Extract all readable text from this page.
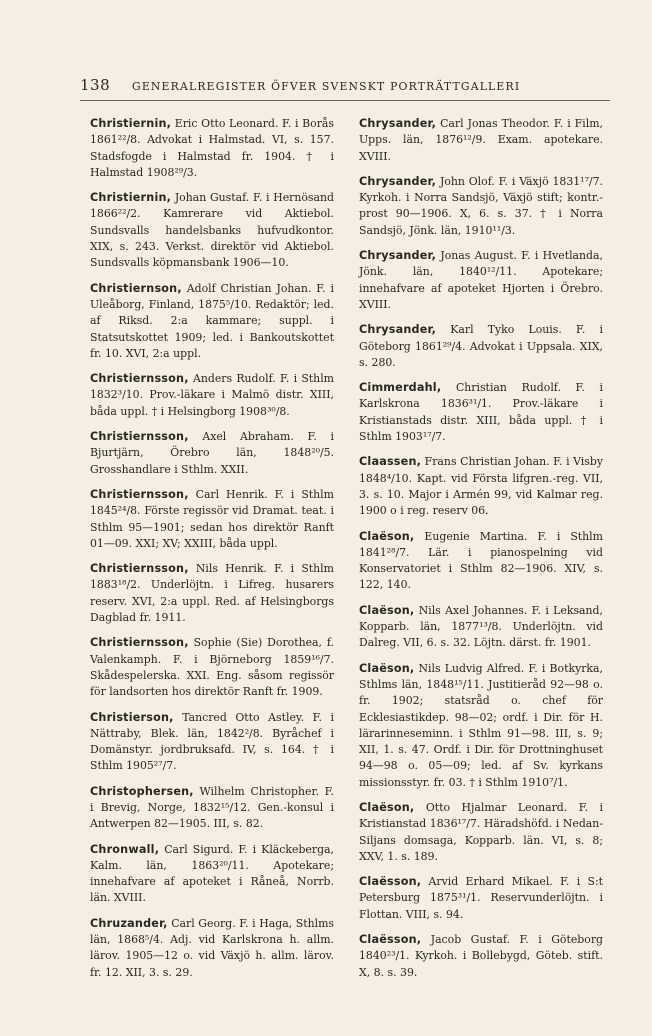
138 GENERALREGISTER ÖFVER SVENSKT PORTRÄTTGALLERI

Christiernin, Eric Otto Leonard. F. i Borås 1861²²/8. Advokat i Halmstad. VI, s. 157. Stadsfogde i Halmstad fr. 1904. † i Halmstad 1908²⁹/3.

Christiernin, Johan Gustaf. F. i Hernösand 1866²²/2. Kamrerare vid Aktiebol. Sundsvalls handelsbanks hufvudkontor. XIX, s. 243. Verkst. direktör vid Aktiebol. Sundsvalls köpmansbank 1906—10.

Christiernson, Adolf Christian Johan. F. i Uleåborg, Finland, 1875⁵/10. Redaktör; led. af Riksd. 2:a kammare; suppl. i Statsutskottet 1909; led. i Bankoutskottet fr. 10. XVI, 2:a uppl.

Christiernsson, Anders Rudolf. F. i Sthlm 1832³/10. Prov.-läkare i Malmö distr. XIII, båda uppl. † i Helsingborg 1908³⁰/8.

Christiernsson, Axel Abraham. F. i Bjurtjärn, Örebro län, 1848²⁰/5. Grosshandlare i Sthlm. XXII.

Christiernsson, Carl Henrik. F. i Sthlm 1845²⁴/8. Förste regissör vid Dramat. teat. i Sthlm 95—1901; sedan hos direktör Ranft 01—09. XXI; XV; XXIII, båda uppl.

Christiernsson, Nils Henrik. F. i Sthlm 1883¹⁸/2. Underlöjtn. i Lifreg. husarers reserv. XVI, 2:a uppl. Red. af Helsingborgs Dagblad fr. 1911.

Christiernsson, Sophie (Sie) Dorothea, f. Valenkamph. F. i Björneborg 1859¹⁶/7. Skådespelerska. XXI. Eng. såsom regissör för landsorten hos direktör Ranft fr. 1909.

Christierson, Tancred Otto Astley. F. i Nättraby, Blek. län, 1842²/8. Byråchef i Domänstyr. jordbruksafd. IV, s. 164. † i Sthlm 1905²⁷/7.

Christophersen, Wilhelm Christopher. F. i Brevig, Norge, 1832¹⁵/12. Gen.-konsul i Antwerpen 82—1905. III, s. 82.

Chronwall, Carl Sigurd. F. i Kläckeberga, Kalm. län, 1863²⁰/11. Apotekare; innehafvare af apoteket i Råneå, Norrb. län. XVIII.

Chruzander, Carl Georg. F. i Haga, Sthlms län, 1868⁵/4. Adj. vid Karlskrona h. allm. lärov. 1905—12 o. vid Växjö h. allm. lärov. fr. 12. XII, 3. s. 29.

Chrysander, Carl Jonas Theodor. F. i Film, Upps. län, 1876¹²/9. Exam. apotekare. XVIII.

Chrysander, John Olof. F. i Växjö 1831¹⁷/7. Kyrkoh. i Norra Sandsjö, Växjö stift; kontr.-prost 90—1906. X, 6. s. 37. † i Norra Sandsjö, Jönk. län, 1910¹¹/3.

Chrysander, Jonas August. F. i Hvetlanda, Jönk. län, 1840¹²/11. Apotekare; innehafvare af apoteket Hjorten i Örebro. XVIII.

Chrysander, Karl Tyko Louis. F. i Göteborg 1861²⁹/4. Advokat i Uppsala. XIX, s. 280.

Cimmerdahl, Christian Rudolf. F. i Karlskrona 1836³¹/1. Prov.-läkare i Kristianstads distr. XIII, båda uppl. † i Sthlm 1903¹⁷/7.

Claassen, Frans Christian Johan. F. i Visby 1848⁴/10. Kapt. vid Första lifgren.-reg. VII, 3. s. 10. Major i Armén 99, vid Kalmar reg. 1900 o i reg. reserv 06.

Claëson, Eugenie Martina. F. i Sthlm 1841²⁸/7. Lär. i pianospelning vid Konservatoriet i Sthlm 82—1906. XIV, s. 122, 140.

Claëson, Nils Axel Johannes. F. i Leksand, Kopparb. län, 1877¹³/8. Underlöjtn. vid Dalreg. VII, 6. s. 32. Löjtn. därst. fr. 1901.

Claëson, Nils Ludvig Alfred. F. i Botkyrka, Sthlms län, 1848¹⁵/11. Justitieråd 92—98 o. fr. 1902; statsråd o. chef för Ecklesiastikdep. 98—02; ordf. i Dir. för H. lärarinneseminn. i Sthlm 91—98. III, s. 9; XII, 1. s. 47. Ordf. i Dir. för Drottninghuset 94—98 o. 05—09; led. af Sv. kyrkans missionsstyr. fr. 03. † i Sthlm 1910⁷/1.

Claëson, Otto Hjalmar Leonard. F. i Kristianstad 1836¹⁷/7. Häradshöfd. i Nedan-Siljans domsaga, Kopparb. län. VI, s. 8; XXV, 1. s. 189.

Claësson, Arvid Erhard Mikael. F. i S:t Petersburg 1875³¹/1. Reservunderlöjtn. i Flottan. VIII, s. 94.

Claësson, Jacob Gustaf. F. i Göteborg 1840²³/1. Kyrkoh. i Bollebygd, Göteb. stift. X, 8. s. 39.
